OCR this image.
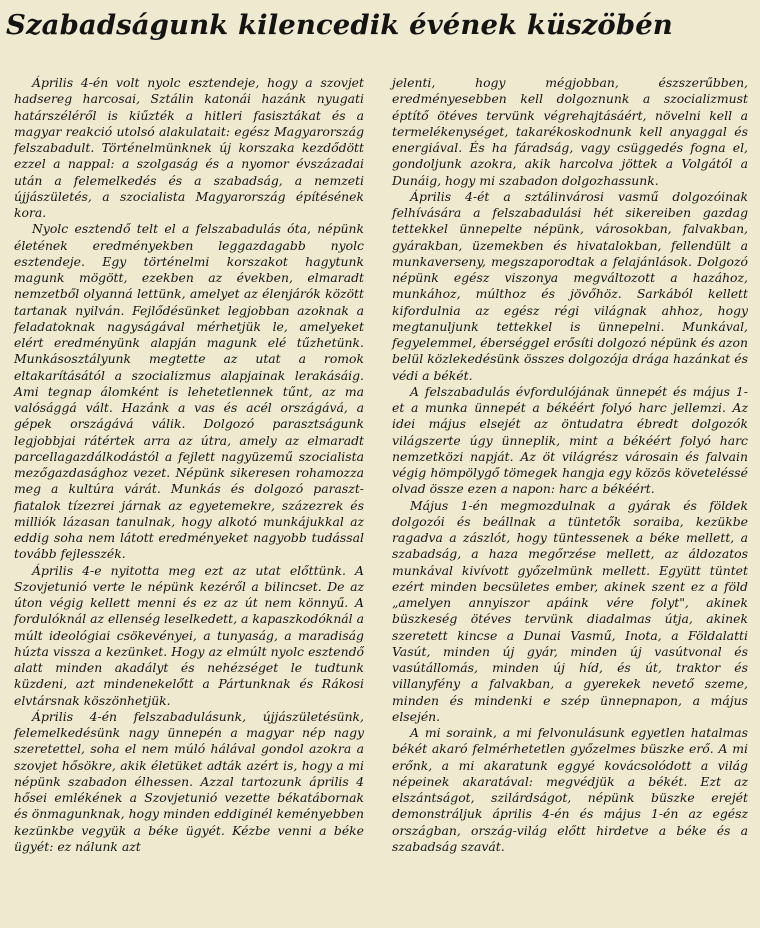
Szabadságunk kilencedik évének küszöbén

Április 4-én volt nyolc esztendeje, hogy a szovjet hadsereg harcosai, Sztálin katonái hazánk nyugati határszéléről is kiűzték a hitleri fasisztákat és a magyar reakció utolsó alakulatait: egész Magyarország felszabadult. Történelmünknek új korszaka kezdődött ezzel a nappal: a szolgaság és a nyomor évszázadai után a felemelkedés és a szabadság, a nemzeti újjászületés, a szocialista Magyarország építésének kora.

Nyolc esztendő telt el a felszabadulás óta, népünk életének eredményekben leggazdagabb nyolc esztendeje. Egy történelmi korszakot hagytunk magunk mögött, ezekben az években, elmaradt nemzetből olyanná lettünk, amelyet az élenjárók között tartanak nyilván. Fejlődésünket legjobban azoknak a feladatoknak nagyságával mérhetjük le, amelyeket elért eredményünk alapján magunk elé tűzhetünk. Munkásosztályunk megtette az utat a romok eltakarításától a szocializmus alapjainak lerakásáig. Ami tegnap álomként is lehetetlennek tűnt, az ma valósággá vált. Hazánk a vas és acél országává, a gépek országává válik. Dolgozó parasztságunk legjobbjai rátértek arra az útra, amely az elmaradt parcellagazdálkodástól a fejlett nagyüzemű szocialista mezőgazdasághoz vezet. Népünk sikeresen rohamozza meg a kultúra várát. Munkás és dolgozó paraszt-fiatalok tízezrei járnak az egyetemekre, százezrek és milliók lázasan tanulnak, hogy alkotó munkájukkal az eddig soha nem látott eredményeket nagyobb tudással tovább fejlesszék.

Április 4-e nyitotta meg ezt az utat előttünk. A Szovjetunió verte le népünk kezéről a bilincset. De az úton végig kellett menni és ez az út nem könnyű. A fordulóknál az ellenség leselkedett, a kapaszkodóknál a múlt ideológiai csökevényei, a tunyaság, a maradiság húzta vissza a kezünket. Hogy az elmúlt nyolc esztendő alatt minden akadályt és nehézséget le tudtunk küzdeni, azt mindenekelőtt a Pártunknak és Rákosi elvtársnak köszönhetjük.

Április 4-én felszabadulásunk, újjászületésünk, felemelkedésünk nagy ünnepén a magyar nép nagy szeretettel, soha el nem múló hálával gondol azokra a szovjet hősökre, akik életüket adták azért is, hogy a mi népünk szabadon élhessen. Azzal tartozunk április 4 hősei emlékének a Szovjetunió vezette békatábornak és önmagunknak, hogy minden eddiginél keményebben kezünkbe vegyük a béke ügyét. Kézbe venni a béke ügyét: ez nálunk azt

jelenti, hogy mégjobban, észszerűbben, eredményesebben kell dolgoznunk a szocializmust éptítő ötéves tervünk végrehajtásáért, növelni kell a termelékenységet, takarékoskodnunk kell anyaggal és energiával. És ha fáradság, vagy csüggedés fogna el, gondoljunk azokra, akik harcolva jöttek a Volgától a Dunáig, hogy mi szabadon dolgozhassunk.

Április 4-ét a sztálinvárosi vasmű dolgozóinak felhívására a felszabadulási hét sikereiben gazdag tettekkel ünnepelte népünk, városokban, falvakban, gyárakban, üzemekben és hivatalokban, fellendült a munkaverseny, megszaporodtak a felajánlások. Dolgozó népünk egész viszonya megváltozott a hazához, munkához, múlthoz és jövőhöz. Sarkából kellett kifordulnia az egész régi világnak ahhoz, hogy megtanuljunk tettekkel is ünnepelni. Munkával, fegyelemmel, éberséggel erősíti dolgozó népünk és azon belül közlekedésünk összes dolgozója drága hazánkat és védi a békét.

A felszabadulás évfordulójának ünnepét és május 1-et a munka ünnepét a békéért folyó harc jellemzi. Az idei május elsejét az öntudatra ébredt dolgozók világszerte úgy ünneplik, mint a békéért folyó harc nemzetközi napját. Az öt világrész városain és falvain végig hömpölygő tömegek hangja egy közös követeléssé olvad össze ezen a napon: harc a békéért.

Május 1-én megmozdulnak a gyárak és földek dolgozói és beállnak a tüntetők soraiba, kezükbe ragadva a zászlót, hogy tüntessenek a béke mellett, a szabadság, a haza megőrzése mellett, az áldozatos munkával kivívott győzelmünk mellett. Együtt tüntet ezért minden becsületes ember, akinek szent ez a föld „amelyen annyiszor apáink vére folyt", akinek büszkeség ötéves tervünk diadalmas útja, akinek szeretett kincse a Dunai Vasmű, Inota, a Földalatti Vasút, minden új gyár, minden új vasútvonal és vasútállomás, minden új híd, és út, traktor és villanyfény a falvakban, a gyerekek nevető szeme, minden és mindenki e szép ünnepnapon, a május elsején.

A mi soraink, a mi felvonulásunk egyetlen hatalmas békét akaró felmérhetetlen győzelmes büszke erő. A mi erőnk, a mi akaratunk eggyé kovácsolódott a világ népeinek akaratával: megvédjük a békét. Ezt az elszántságot, szilárdságot, népünk büszke erejét demonstráljuk április 4-én és május 1-én az egész országban, ország-világ előtt hirdetve a béke és a szabadság szavát.
